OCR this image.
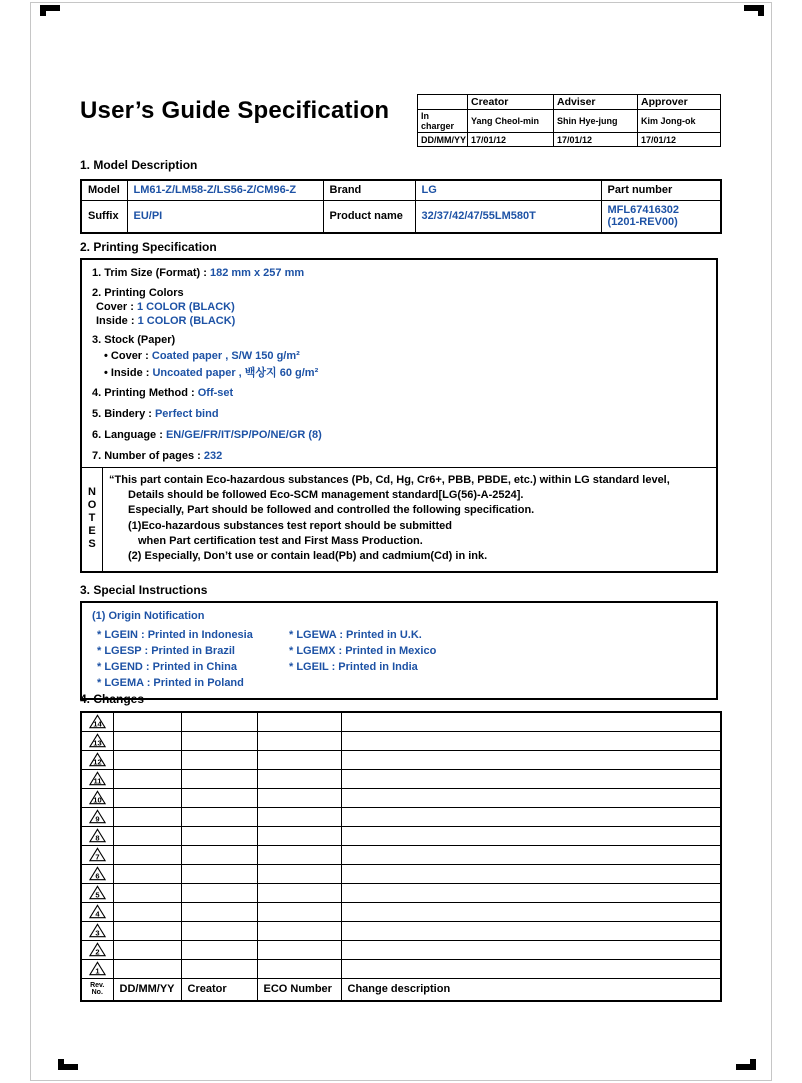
User’s Guide Specification
		Creator	Adviser	Approver
In charger	Yang Cheol-min	Shin Hye-jung	Kim Jong-ok
DD/MM/YY	17/01/12	17/01/12	17/01/12
1. Model Description
Model	LM61-Z/LM58-Z/LS56-Z/CM96-Z	Brand	LG	Part number
Suffix	EU/PI	Product name	32/37/42/47/55LM580T	MFL67416302
(1201-REV00)
2. Printing Specification
1. Trim Size (Format) : 182 mm x 257 mm
2. Printing Colors
Cover : 1 COLOR (BLACK)
Inside : 1 COLOR (BLACK)
3. Stock (Paper)
• Cover : Coated paper , S/W 150 g/m²
• Inside : Uncoated paper , 백상지 60 g/m²
4. Printing Method : Off-set
5. Bindery : Perfect bind
6. Language : EN/GE/FR/IT/SP/PO/NE/GR (8)
7. Number of pages : 232
N
O
T
E
S
“This part contain Eco-hazardous substances (Pb, Cd, Hg, Cr6+, PBB, PBDE, etc.) within LG standard level,
Details should be followed Eco-SCM management standard[LG(56)-A-2524].
Especially, Part should be followed and controlled the following specification.
(1)Eco-hazardous substances test report should be submitted
when Part certification test and First Mass Production.
(2) Especially, Don’t use or contain lead(Pb) and cadmium(Cd) in ink.
3. Special Instructions
(1) Origin Notification
* LGEIN : Printed in Indonesia	* LGEWA : Printed in U.K.
* LGESP : Printed in Brazil	* LGEMX : Printed in Mexico
* LGEND : Printed in China	* LGEIL : Printed in India
* LGEMA : Printed in Poland
4. Changes
14				

13				

12				

11				

10				

9				

8				

7				

6				

5				

4				

3				

2				

1				

Rev.
No.	DD/MM/YY	Creator	ECO Number	Change description
